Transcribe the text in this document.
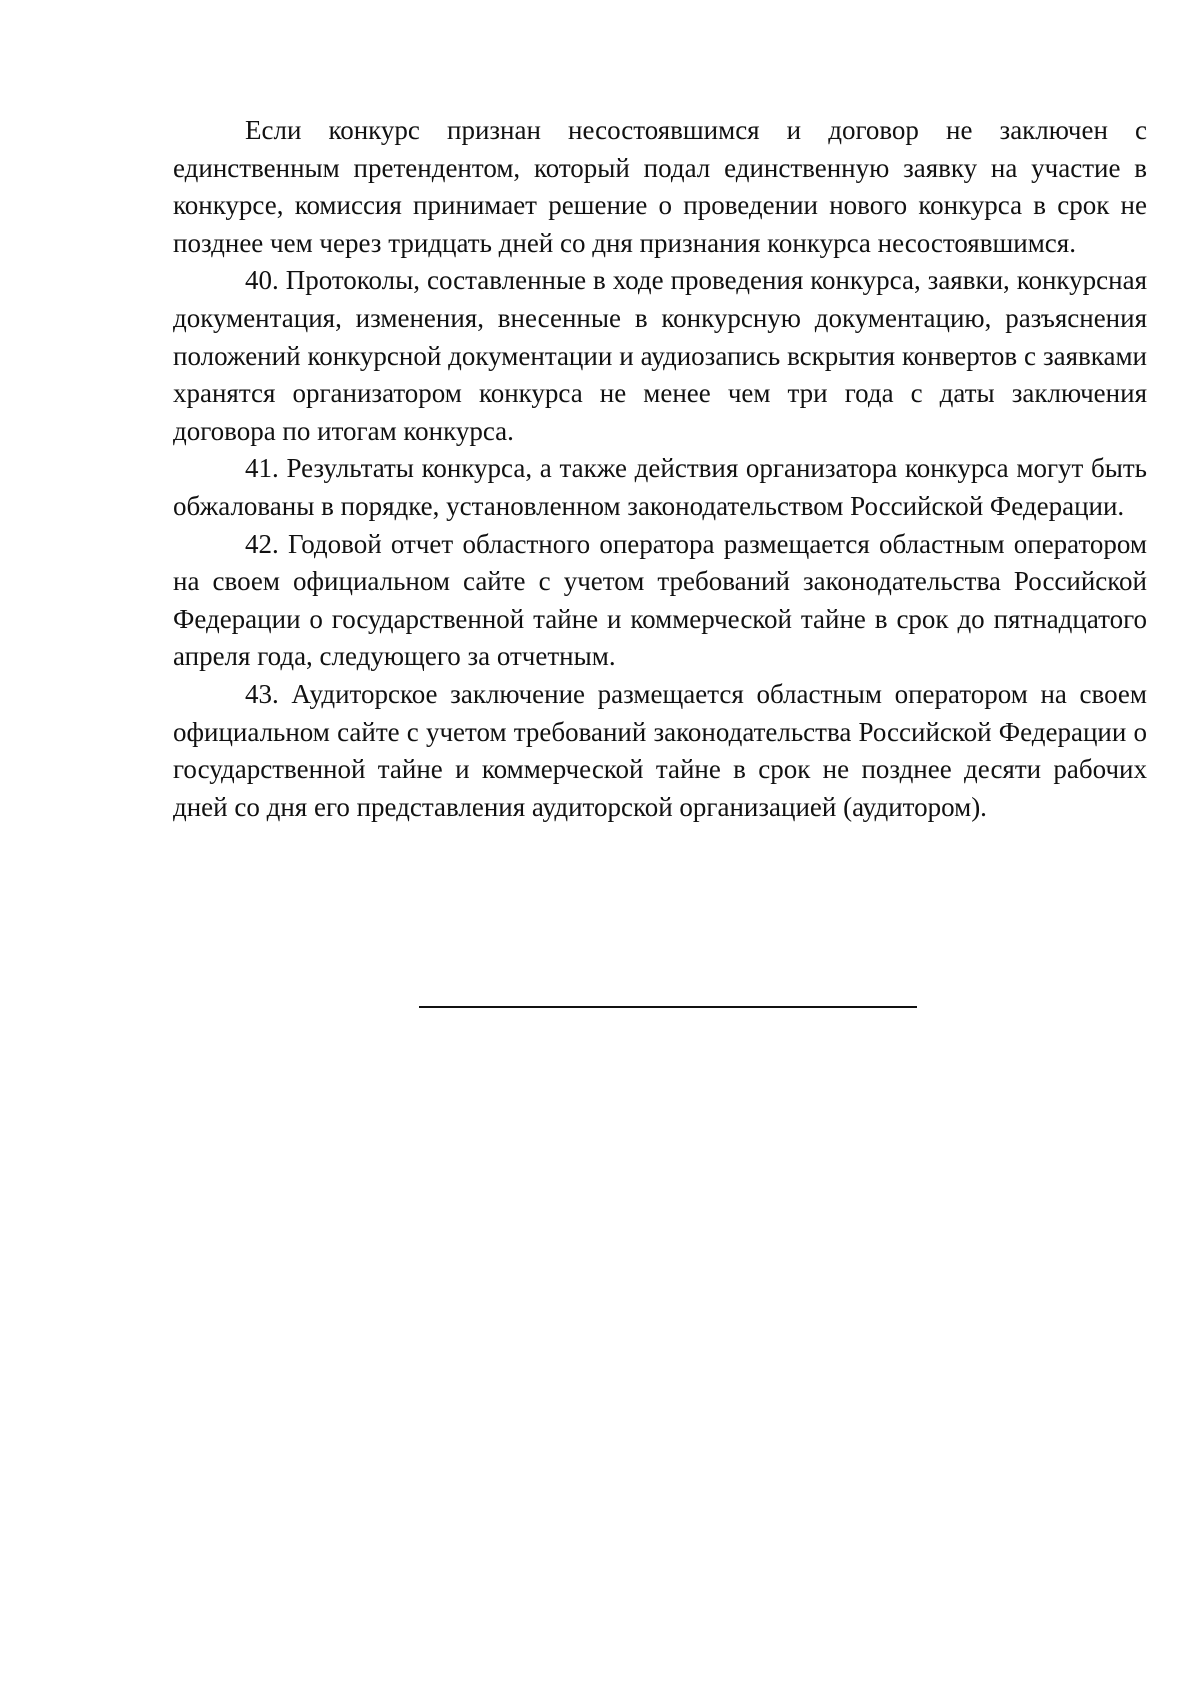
Если конкурс признан несостоявшимся и договор не заключен с единственным претендентом, который подал единственную заявку на участие в конкурсе, комиссия принимает решение о проведении нового конкурса в срок не позднее чем через тридцать дней со дня признания конкурса несостоявшимся.

40. Протоколы, составленные в ходе проведения конкурса, заявки, конкурсная документация, изменения, внесенные в конкурсную документацию, разъяснения положений конкурсной документации и аудиозапись вскрытия конвертов с заявками хранятся организатором конкурса не менее чем три года с даты заключения договора по итогам конкурса.

41. Результаты конкурса, а также действия организатора конкурса могут быть обжалованы в порядке, установленном законодательством Российской Федерации.

42. Годовой отчет областного оператора размещается областным оператором на своем официальном сайте с учетом требований законодательства Российской Федерации о государственной тайне и коммерческой тайне в срок до пятнадцатого апреля года, следующего за отчетным.

43. Аудиторское заключение размещается областным оператором на своем официальном сайте с учетом требований законодательства Российской Федерации о государственной тайне и коммерческой тайне в срок не позднее десяти рабочих дней со дня его представления аудиторской организацией (аудитором).
